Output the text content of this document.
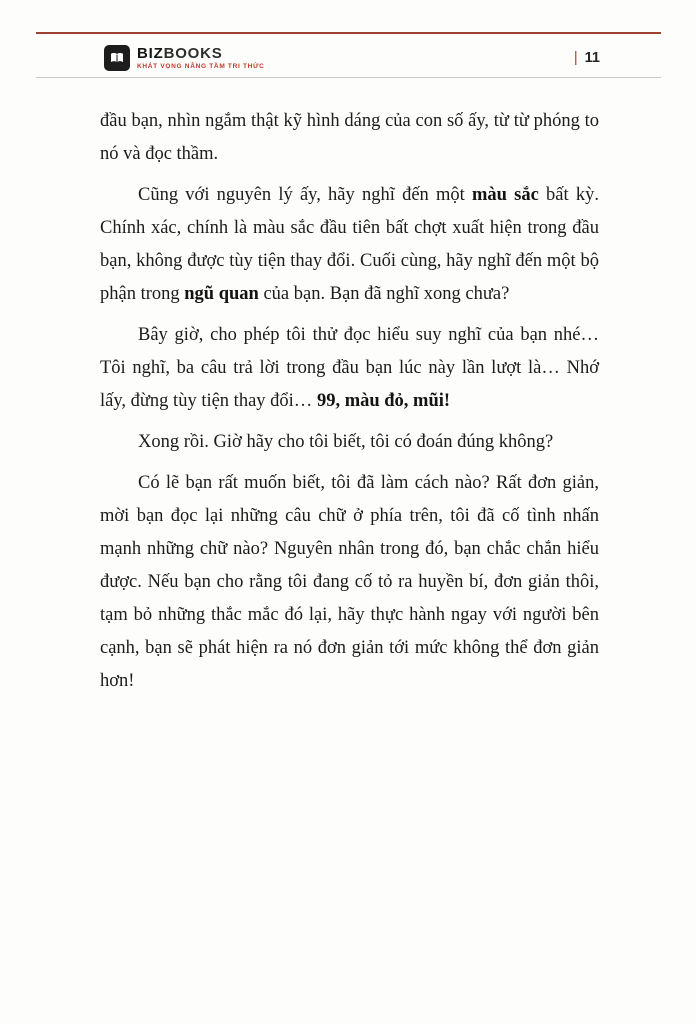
BIZBOOKS
KHÁT VỌNG NÂNG TẦM TRI THỨC
| 11

đầu bạn, nhìn ngắm thật kỹ hình dáng của con số ấy, từ từ phóng to nó và đọc thầm.

Cũng với nguyên lý ấy, hãy nghĩ đến một màu sắc bất kỳ. Chính xác, chính là màu sắc đầu tiên bất chợt xuất hiện trong đầu bạn, không được tùy tiện thay đổi. Cuối cùng, hãy nghĩ đến một bộ phận trong ngũ quan của bạn. Bạn đã nghĩ xong chưa?

Bây giờ, cho phép tôi thử đọc hiểu suy nghĩ của bạn nhé… Tôi nghĩ, ba câu trả lời trong đầu bạn lúc này lần lượt là… Nhớ lấy, đừng tùy tiện thay đổi… 99, màu đỏ, mũi!

Xong rồi. Giờ hãy cho tôi biết, tôi có đoán đúng không?

Có lẽ bạn rất muốn biết, tôi đã làm cách nào? Rất đơn giản, mời bạn đọc lại những câu chữ ở phía trên, tôi đã cố tình nhấn mạnh những chữ nào? Nguyên nhân trong đó, bạn chắc chắn hiểu được. Nếu bạn cho rằng tôi đang cố tỏ ra huyền bí, đơn giản thôi, tạm bỏ những thắc mắc đó lại, hãy thực hành ngay với người bên cạnh, bạn sẽ phát hiện ra nó đơn giản tới mức không thể đơn giản hơn!
